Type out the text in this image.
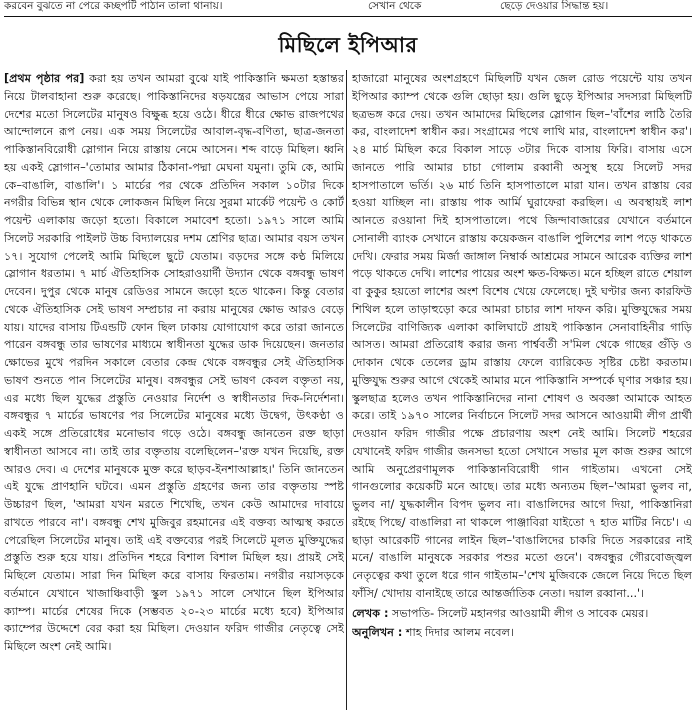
করবেন বুঝতে না পেরে কচ্ছপটি পাঠান তালা থানায়।	সেখান থেকে	ছেড়ে দেওয়ার সিদ্ধান্ত হয়।
মিছিলে ইপিআর

[প্রথম পৃষ্ঠার পর] করা হয় তখন আমরা বুঝে যাই পাকিস্তানি ক্ষমতা হস্তান্তর নিয়ে টালবাহানা শুরু করেছে। পাকিস্তানিদের ষড়যন্ত্রের আভাস পেয়ে সারা দেশের মতো সিলেটের মানুষও বিক্ষুব্ধ হয়ে ওঠে। ধীরে ধীরে ক্ষোভ রাজপথের আন্দোলনে রূপ নেয়। এক সময় সিলেটের আবাল-বৃদ্ধ-বণিতা, ছাত্র-জনতা পাকিস্তানবিরোধী স্লোগান নিয়ে রাস্তায় নেমে আসেন। শব্দ বাড়ে মিছিল। ধ্বনি হয় একই স্লোগান–'তোমার আমার ঠিকানা-পদ্মা মেঘনা যমুনা। তুমি কে, আমি কে–বাঙালি, বাঙালি'। ১ মার্চের পর থেকে প্রতিদিন সকাল ১০টার দিকে নগরীর বিভিন্ন স্থান থেকে লোকজন মিছিল নিয়ে সুরমা মার্কেট পয়েন্ট ও কোর্ট পয়েন্ট এলাকায় জড়ো হতো। বিকালে সমাবেশ হতো। ১৯৭১ সালে আমি সিলেট সরকারি পাইলট উচ্চ বিদ্যালয়ের দশম শ্রেণির ছাত্র। আমার বয়স তখন ১৭। সুযোগ পেলেই আমি মিছিলে ছুটে যেতাম। বড়দের সঙ্গে কণ্ঠ মিলিয়ে স্লোগান ধরতাম। ৭ মার্চ ঐতিহাসিক সোহরাওয়ার্দী উদ্যান থেকে বঙ্গবন্ধু ভাষণ দেবেন। দুপুর থেকে মানুষ রেডিওর সামনে জড়ো হতে থাকেন। কিন্তু বেতার থেকে ঐতিহাসিক সেই ভাষণ সম্প্রচার না করায় মানুষের ক্ষোভ আরও বেড়ে যায়। যাদের বাসায় টিএন্ডটি ফোন ছিল ঢাকায় যোগাযোগ করে তারা জানতে পারেন বঙ্গবন্ধু তার ভাষণের মাধ্যমে স্বাধীনতা যুদ্ধের ডাক দিয়েছেন। জনতার ক্ষোভের মুখে পরদিন সকালে বেতার কেন্দ্র থেকে বঙ্গবন্ধুর সেই ঐতিহাসিক ভাষণ শুনতে পান সিলেটের মানুষ। বঙ্গবন্ধুর সেই ভাষণ কেবল বক্তৃতা নয়, এর মধ্যে ছিল যুদ্ধের প্রস্তুতি নেওয়ার নির্দেশ ও স্বাধীনতার দিক-নির্দেশনা। বঙ্গবন্ধুর ৭ মার্চের ভাষণের পর সিলেটের মানুষের মধ্যে উদ্বেগ, উৎকণ্ঠা ও একই সঙ্গে প্রতিরোধের মনোভাব গড়ে ওঠে। বঙ্গবন্ধু জানতেন রক্ত ছাড়া স্বাধীনতা আসবে না। তাই তার বক্তৃতায় বলেছিলেন–'রক্ত যখন দিয়েছি, রক্ত আরও দেব। এ দেশের মানুষকে মুক্ত করে ছাড়ব-ইনশাআল্লাহ।' তিনি জানতেন এই যুদ্ধে প্রাণহানি ঘটবে। এমন প্রস্তুতি গ্রহণের জন্য তার বক্তৃতায় স্পষ্ট উচ্চারণ ছিল, 'আমরা যখন মরতে শিখেছি, তখন কেউ আমাদের দাবায়ে রাখতে পারবে না'। বঙ্গবন্ধু শেখ মুজিবুর রহমানের এই বক্তব্য আত্মস্থ করতে পেরেছিল সিলেটের মানুষ। তাই এই বক্তব্যের পরই সিলেটে মূলত মুক্তিযুদ্ধের প্রস্তুতি শুরু হয়ে যায়। প্রতিদিন শহরে বিশাল বিশাল মিছিল হয়। প্রায়ই সেই মিছিলে যেতাম। সারা দিন মিছিল করে বাসায় ফিরতাম। নগরীর নয়াসড়কে বর্তমানে যেখানে খাজাঞ্চিবাড়ী স্কুল ১৯৭১ সালে সেখানে ছিল ইপিআর ক্যাম্প। মার্চের শেষের দিকে (সম্ভবত ২০-২৩ মার্চের মধ্যে হবে) ইপিআর ক্যাম্পের উদ্দেশে বের করা হয় মিছিল। দেওয়ান ফরিদ গাজীর নেতৃত্বে সেই মিছিলে অংশ নেই আমি।

হাজারো মানুষের অংশগ্রহণে মিছিলটি যখন জেল রোড পয়েন্টে যায় তখন ইপিআর ক্যাম্প থেকে গুলি ছোড়া হয়। গুলি ছুড়ে ইপিআর সদস্যরা মিছিলটি ছত্রভঙ্গ করে দেয়। তখন আমাদের মিছিলের স্লোগান ছিল–'বাঁশের লাঠি তৈরি কর, বাংলাদেশ স্বাধীন কর। সংগ্রামের পথে লাথি মার, বাংলাদেশ স্বাধীন কর'। ২৪ মার্চ মিছিল করে বিকাল সাড়ে ৩টার দিকে বাসায় ফিরি। বাসায় এসে জানতে পারি আমার চাচা গোলাম রব্বানী অসুস্থ হয়ে সিলেট সদর হাসপাতালে ভর্তি। ২৬ মার্চ তিনি হাসপাতালে মারা যান। তখন রাস্তায় বের হওয়া যাচ্ছিল না। রাস্তায় পাক আর্মি ঘুরাফেরা করছিল। এ অবস্থায়ই লাশ আনতে রওয়ানা দিই হাসপাতালে। পথে জিন্দাবাজারের যেখানে বর্তমানে সোনালী ব্যাংক সেখানে রাস্তায় কয়েকজন বাঙালি পুলিশের লাশ পড়ে থাকতে দেখি। ফেরার সময় মির্জা জাঙ্গাল নিম্বার্ক আশ্রমের সামনে আরেক ব্যক্তির লাশ পড়ে থাকতে দেখি। লাশের পায়ের অংশ ক্ষত-বিক্ষত। মনে হচ্ছিল রাতে শেয়াল বা কুকুর হয়তো লাশের অংশ বিশেষ খেয়ে ফেলেছে। দুই ঘণ্টার জন্য কারফিউ শিথিল হলে তাড়াহুড়ো করে আমরা চাচার লাশ দাফন করি। মুক্তিযুদ্ধের সময় সিলেটের বাণিজ্যিক এলাকা কালিঘাটে প্রায়ই পাকিস্তান সেনাবাহিনীর গাড়ি আসত। আমরা প্রতিরোধ করার জন্য পার্শ্ববর্তী স'মিল থেকে গাছের গুঁড়ি ও দোকান থেকে তেলের ড্রাম রাস্তায় ফেলে ব্যারিকেড সৃষ্টির চেষ্টা করতাম। মুক্তিযুদ্ধ শুরুর আগে থেকেই আমার মনে পাকিস্তানি সম্পর্কে ঘৃণার সঞ্চার হয়। স্কুলছাত্র হলেও তখন পাকিস্তানিদের নানা শোষণ ও অবজ্ঞা আমাকে আহত করে। তাই ১৯৭০ সালের নির্বাচনে সিলেট সদর আসনে আওয়ামী লীগ প্রার্থী দেওয়ান ফরিদ গাজীর পক্ষে প্রচারণায় অংশ নেই আমি। সিলেট শহরের যেখানেই ফরিদ গাজীর জনসভা হতো সেখানে সভার মূল কাজ শুরুর আগে আমি অনুপ্রেরণামূলক পাকিস্তানবিরোধী গান গাইতাম। এখনো সেই গানগুলোর কয়েকটি মনে আছে। তার মধ্যে অন্যতম ছিল–'আমরা ভুলব না, ভুলব না/ যুদ্ধকালীন বিপদ ভুলব না। বাঙালিদের আগে দিয়া, পাকিস্তানিরা রইছে পিছে/ বাঙালিরা না থাকলে পাঞ্জাবিরা যাইতো ৭ হাত মাটির নিচে'। এ ছাড়া আরেকটি গানের লাইন ছিল–'বাঙালিদের চাকরি দিতে সরকারের নাই মনে/ বাঙালি মানুষকে সরকার পশুর মতো গুনে'। বঙ্গবন্ধুর গৌরবোজ্জ্বল নেতৃত্বের কথা তুলে ধরে গান গাইতাম–'শেখ মুজিবকে জেলে নিয়ে দিতে ছিল ফাঁসি/ খোদায় বানাইছে তারে আন্তর্জাতিক নেতা। দয়াল রব্বানা...'।

লেখক : সভাপতি- সিলেট মহানগর আওয়ামী লীগ ও সাবেক মেয়র।

অনুলিখন : শাহ দিদার আলম নবেল।
